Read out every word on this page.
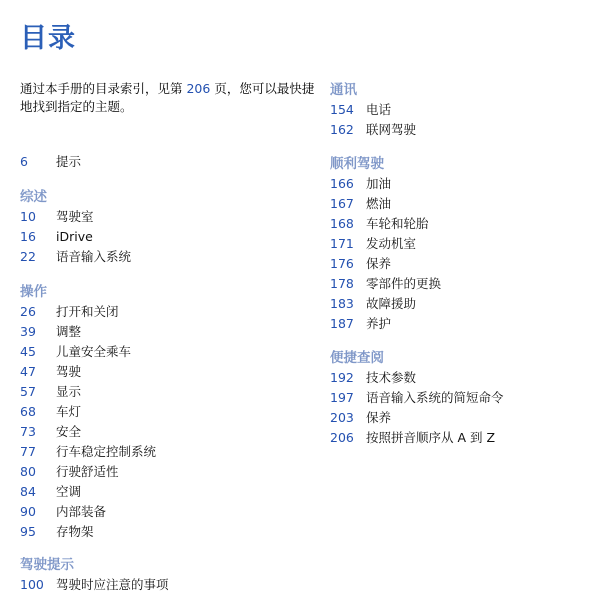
目录

通过本手册的目录索引，见第 206 页，您可以最快捷地找到指定的主题。

6 提示
综述
10 驾驶室
16 iDrive
22 语音输入系统
操作
26 打开和关闭
39 调整
45 儿童安全乘车
47 驾驶
57 显示
68 车灯
73 安全
77 行车稳定控制系统
80 行驶舒适性
84 空调
90 内部装备
95 存物架
驾驶提示
100 驾驶时应注意的事项
通讯
154 电话
162 联网驾驶
顺利驾驶
166 加油
167 燃油
168 车轮和轮胎
171 发动机室
176 保养
178 零部件的更换
183 故障援助
187 养护
便捷查阅
192 技术参数
197 语音输入系统的简短命令
203 保养
206 按照拼音顺序从 A 到 Z
